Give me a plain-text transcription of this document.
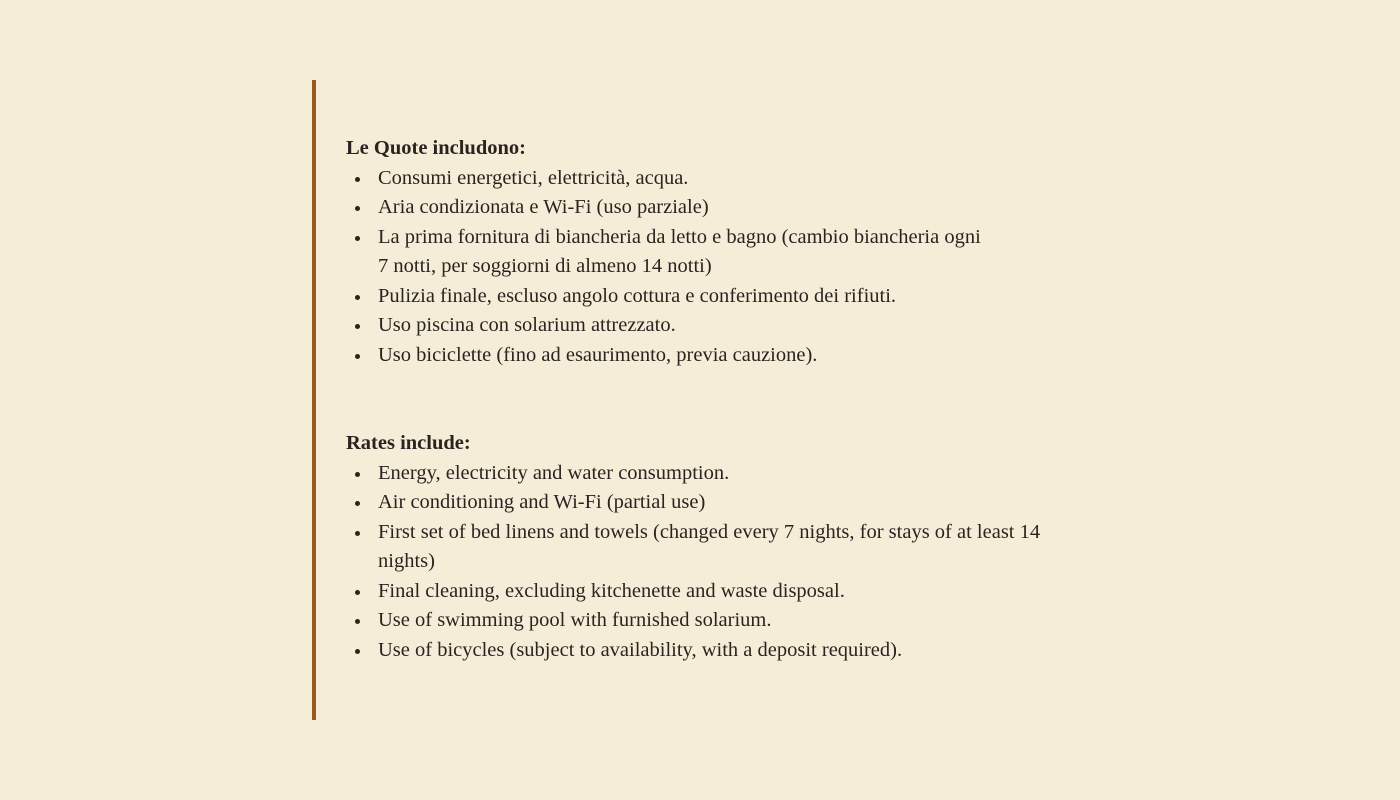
Le Quote includono:

Consumi energetici, elettricità, acqua.
Aria condizionata e Wi-Fi (uso parziale)
La prima fornitura di biancheria da letto e bagno (cambio biancheria ogni 7 notti, per soggiorni di almeno 14 notti)
Pulizia finale, escluso angolo cottura e conferimento dei rifiuti.
Uso piscina con solarium attrezzato.
Uso biciclette (fino ad esaurimento, previa cauzione).

Rates include:

Energy, electricity and water consumption.
Air conditioning and Wi-Fi (partial use)
First set of bed linens and towels (changed every 7 nights, for stays of at least 14 nights)
Final cleaning, excluding kitchenette and waste disposal.
Use of swimming pool with furnished solarium.
Use of bicycles (subject to availability, with a deposit required).
